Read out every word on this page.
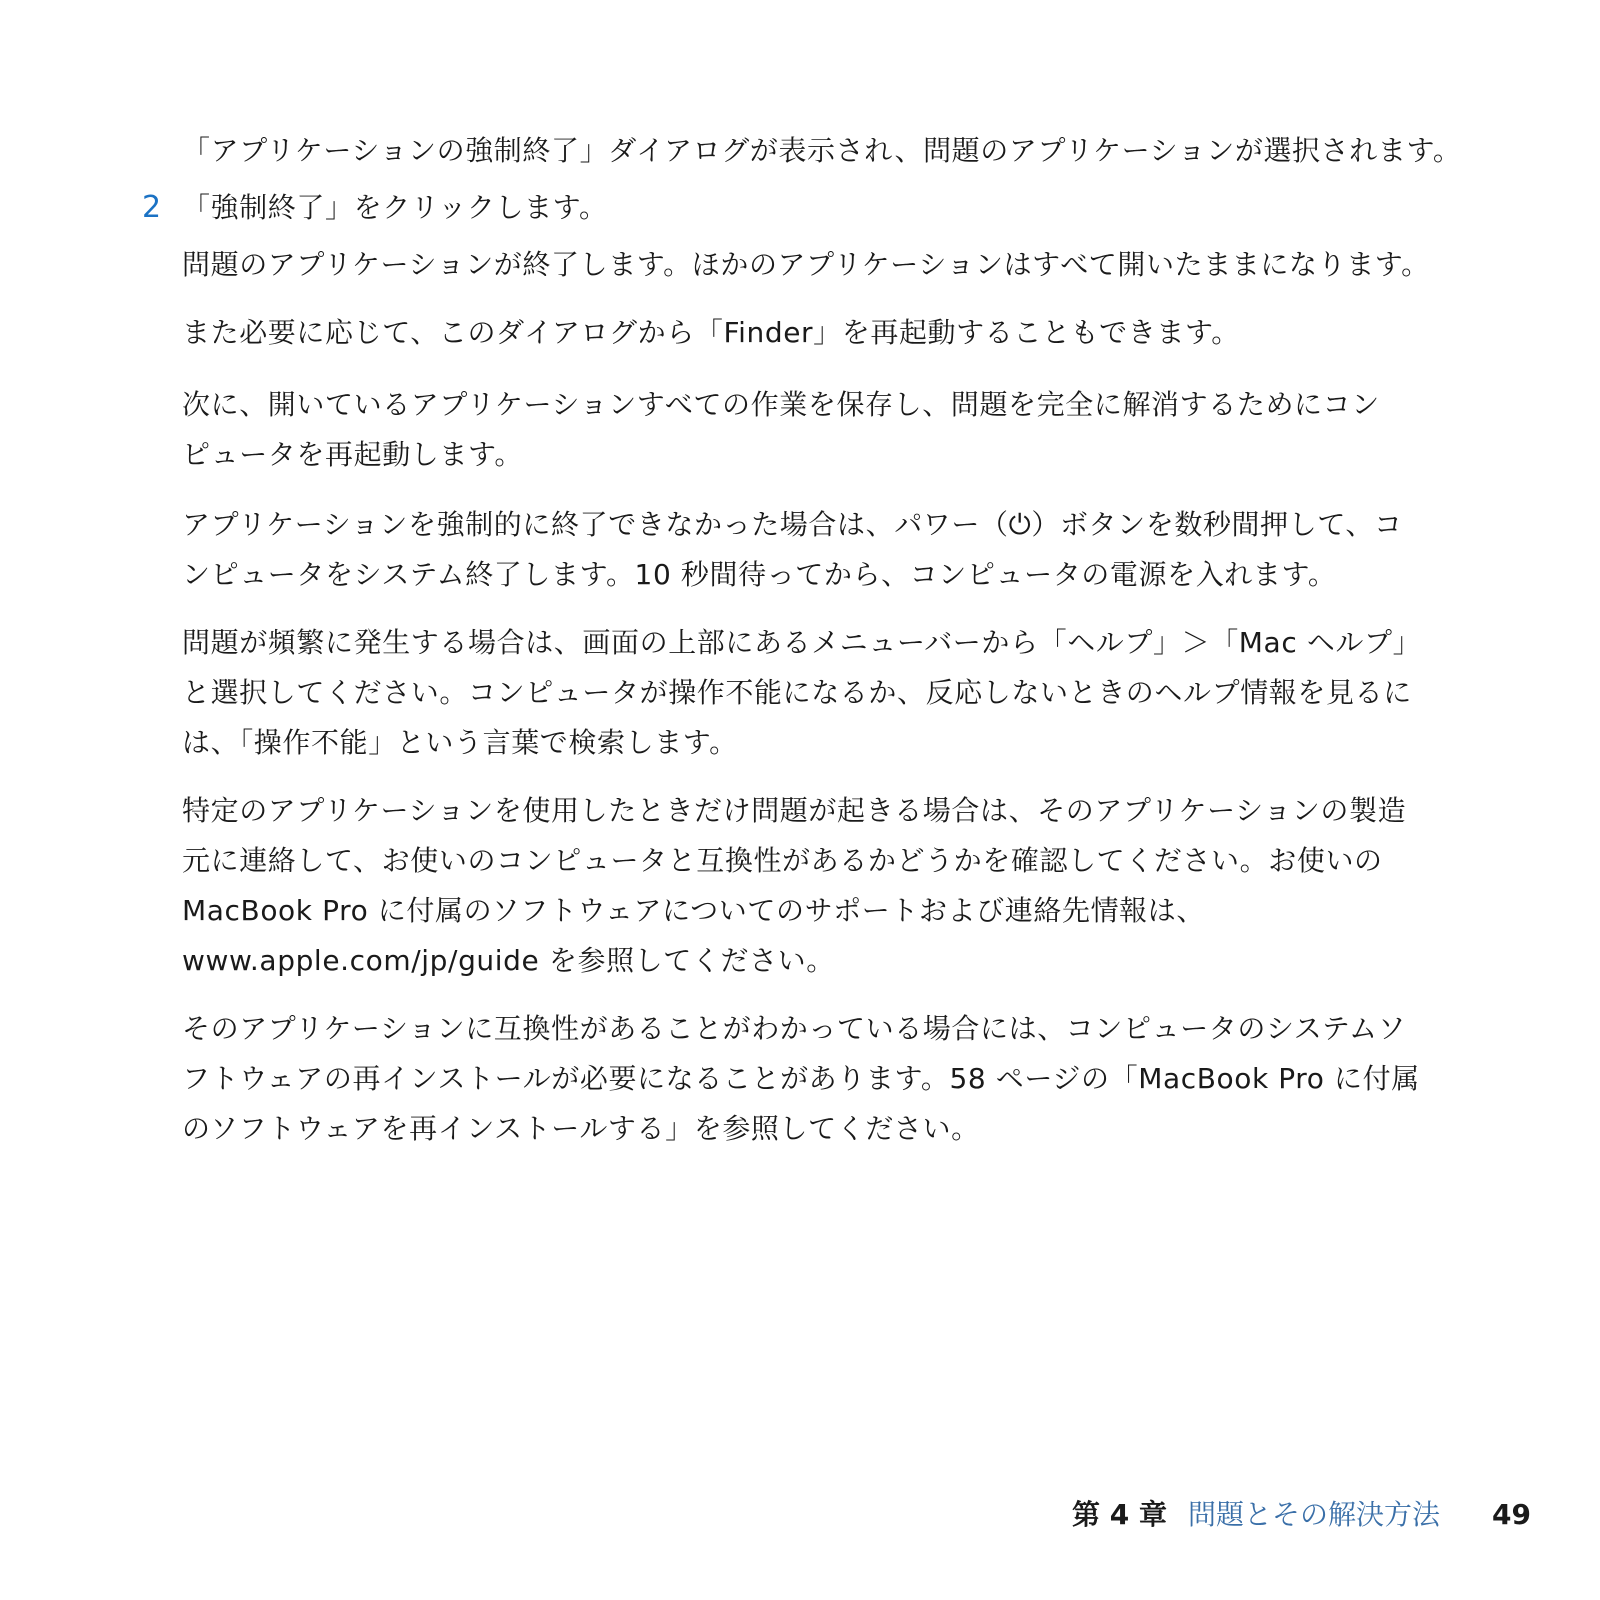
「アプリケーションの強制終了」ダイアログが表示され、問題のアプリケーションが選択されます。
2 「強制終了」をクリックします。
問題のアプリケーションが終了します。ほかのアプリケーションはすべて開いたままになります。
また必要に応じて、このダイアログから「Finder」を再起動することもできます。
次に、開いているアプリケーションすべての作業を保存し、問題を完全に解消するためにコン
ピュータを再起動します。
アプリケーションを強制的に終了できなかった場合は、パワー（⏻）ボタンを数秒間押して、コ
ンピュータをシステム終了します。10 秒間待ってから、コンピュータの電源を入れます。
問題が頻繁に発生する場合は、画面の上部にあるメニューバーから「ヘルプ」＞「Mac ヘルプ」
と選択してください。コンピュータが操作不能になるか、反応しないときのヘルプ情報を見るに
は、「操作不能」という言葉で検索します。
特定のアプリケーションを使用したときだけ問題が起きる場合は、そのアプリケーションの製造
元に連絡して、お使いのコンピュータと互換性があるかどうかを確認してください。お使いの
MacBook Pro に付属のソフトウェアについてのサポートおよび連絡先情報は、
www.apple.com/jp/guide を参照してください。
そのアプリケーションに互換性があることがわかっている場合には、コンピュータのシステムソ
フトウェアの再インストールが必要になることがあります。58 ページの「MacBook Pro に付属
のソフトウェアを再インストールする」を参照してください。
第 4 章 問題とその解決方法 49
